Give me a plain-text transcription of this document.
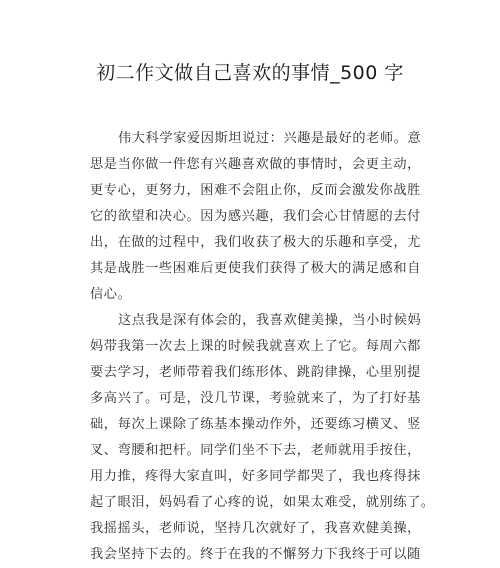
初二作文做自己喜欢的事情_500 字
伟大科学家爱因斯坦说过：兴趣是最好的老师。意
思是当你做一件您有兴趣喜欢做的事情时，会更主动，
更专心，更努力，困难不会阻止你，反而会激发你战胜
它的欲望和决心。因为感兴趣，我们会心甘情愿的去付
出，在做的过程中，我们收获了极大的乐趣和享受，尤
其是战胜一些困难后更使我们获得了极大的满足感和自
信心。
这点我是深有体会的，我喜欢健美操，当小时候妈
妈带我第一次去上课的时候我就喜欢上了它。每周六都
要去学习，老师带着我们练形体、跳韵律操，心里别提
多高兴了。可是，没几节课，考验就来了，为了打好基
础，每次上课除了练基本操动作外，还要练习横叉、竖
叉、弯腰和把杆。同学们坐不下去，老师就用手按住，
用力推，疼得大家直叫，好多同学都哭了，我也疼得抹
起了眼泪，妈妈看了心疼的说，如果太难受，就别练了。
我摇摇头，老师说，坚持几次就好了，我喜欢健美操，
我会坚持下去的。终于在我的不懈努力下我终于可以随
